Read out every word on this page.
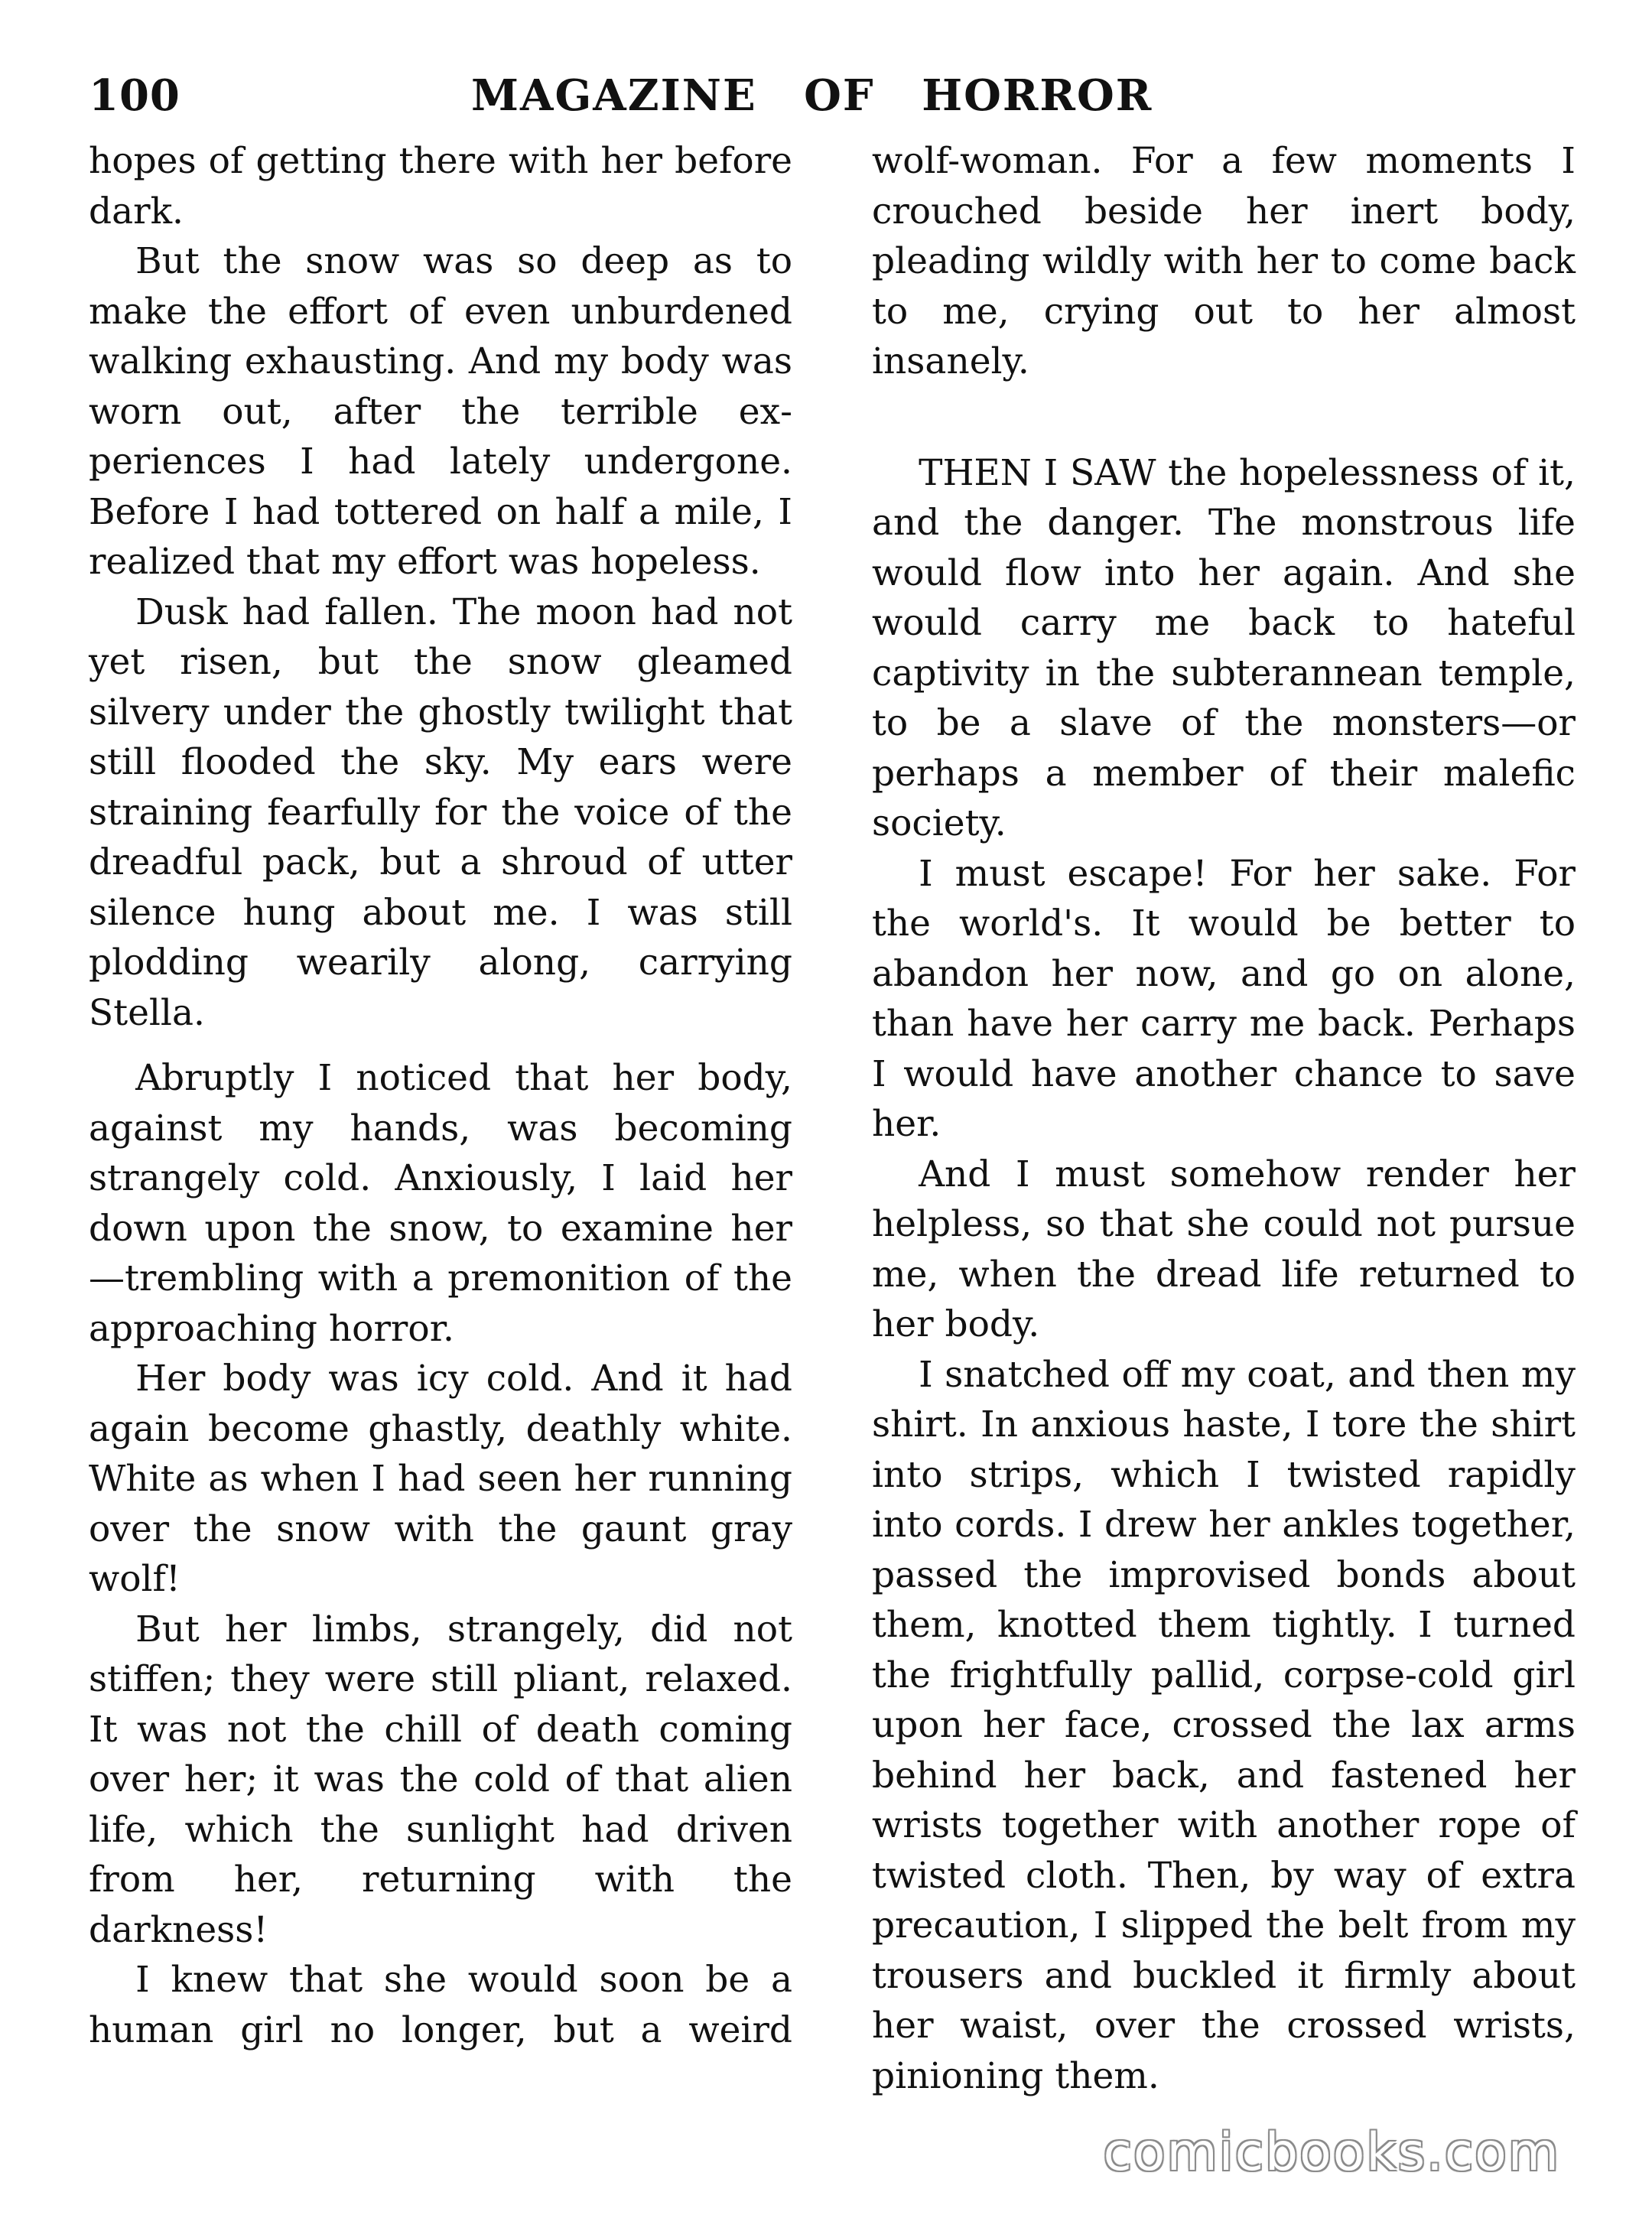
100	MAGAZINE OF HORROR

hopes of getting there with her before dark.

But the snow was so deep as to make the effort of even unburdened walking exhausting. And my body was worn out, after the terrible experiences I had lately undergone. Before I had tottered on half a mile, I realized that my effort was hopeless.

Dusk had fallen. The moon had not yet risen, but the snow gleamed silvery under the ghostly twilight that still flooded the sky. My ears were straining fearfully for the voice of the dreadful pack, but a shroud of utter silence hung about me. I was still plodding wearily along, carrying Stella.

Abruptly I noticed that her body, against my hands, was becoming strangely cold. Anxiously, I laid her down upon the snow, to examine her—trembling with a premonition of the approaching horror.

Her body was icy cold. And it had again become ghastly, deathly white. White as when I had seen her running over the snow with the gaunt gray wolf!

But her limbs, strangely, did not stiffen; they were still pliant, relaxed. It was not the chill of death coming over her; it was the cold of that alien life, which the sunlight had driven from her, returning with the darkness!

I knew that she would soon be a human girl no longer, but a weird

wolf-woman. For a few moments I crouched beside her inert body, pleading wildly with her to come back to me, crying out to her almost insanely.

THEN I SAW the hopelessness of it, and the danger. The monstrous life would flow into her again. And she would carry me back to hateful captivity in the subterannean temple, to be a slave of the monsters—or perhaps a member of their malefic society.

I must escape! For her sake. For the world's. It would be better to abandon her now, and go on alone, than have her carry me back. Perhaps I would have another chance to save her.

And I must somehow render her helpless, so that she could not pursue me, when the dread life returned to her body.

I snatched off my coat, and then my shirt. In anxious haste, I tore the shirt into strips, which I twisted rapidly into cords. I drew her ankles together, passed the improvised bonds about them, knotted them tightly. I turned the frightfully pallid, corpse-cold girl upon her face, crossed the lax arms behind her back, and fastened her wrists together with another rope of twisted cloth. Then, by way of extra precaution, I slipped the belt from my trousers and buckled it firmly about her waist, over the crossed wrists, pinioning them.

comicbooks.com
